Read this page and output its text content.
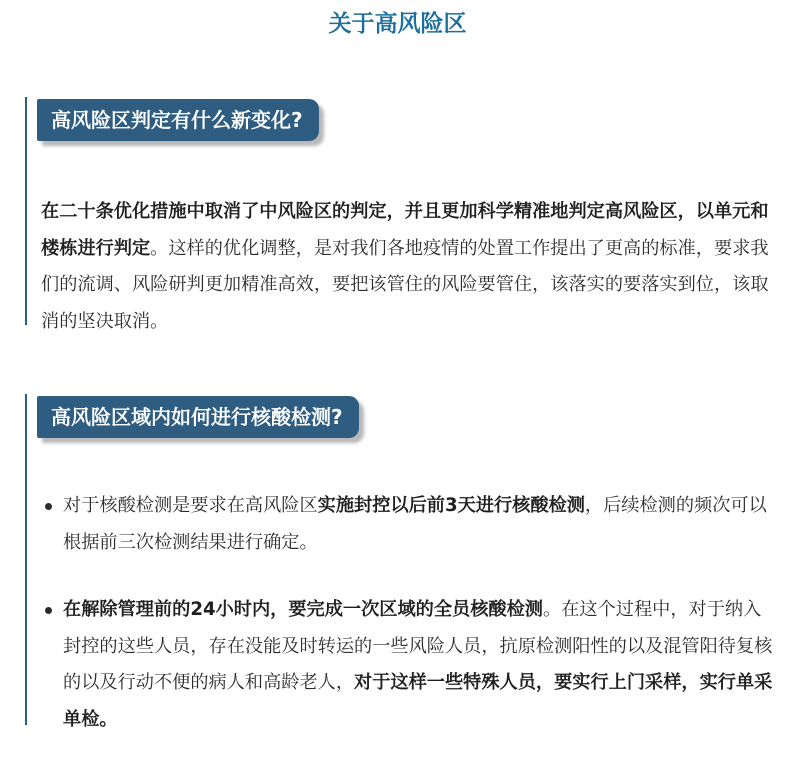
关于高风险区
高风险区判定有什么新变化?

在二十条优化措施中取消了中风险区的判定，并且更加科学精准地判定高风险区，以单元和楼栋进行判定。这样的优化调整，是对我们各地疫情的处置工作提出了更高的标准，要求我们的流调、风险研判更加精准高效，要把该管住的风险要管住，该落实的要落实到位，该取消的坚决取消。

高风险区域内如何进行核酸检测?
对于核酸检测是要求在高风险区实施封控以后前3天进行核酸检测，后续检测的频次可以根据前三次检测结果进行确定。
在解除管理前的24小时内，要完成一次区域的全员核酸检测。在这个过程中，对于纳入封控的这些人员，存在没能及时转运的一些风险人员，抗原检测阳性的以及混管阳待复核的以及行动不便的病人和高龄老人，对于这样一些特殊人员，要实行上门采样，实行单采单检。
